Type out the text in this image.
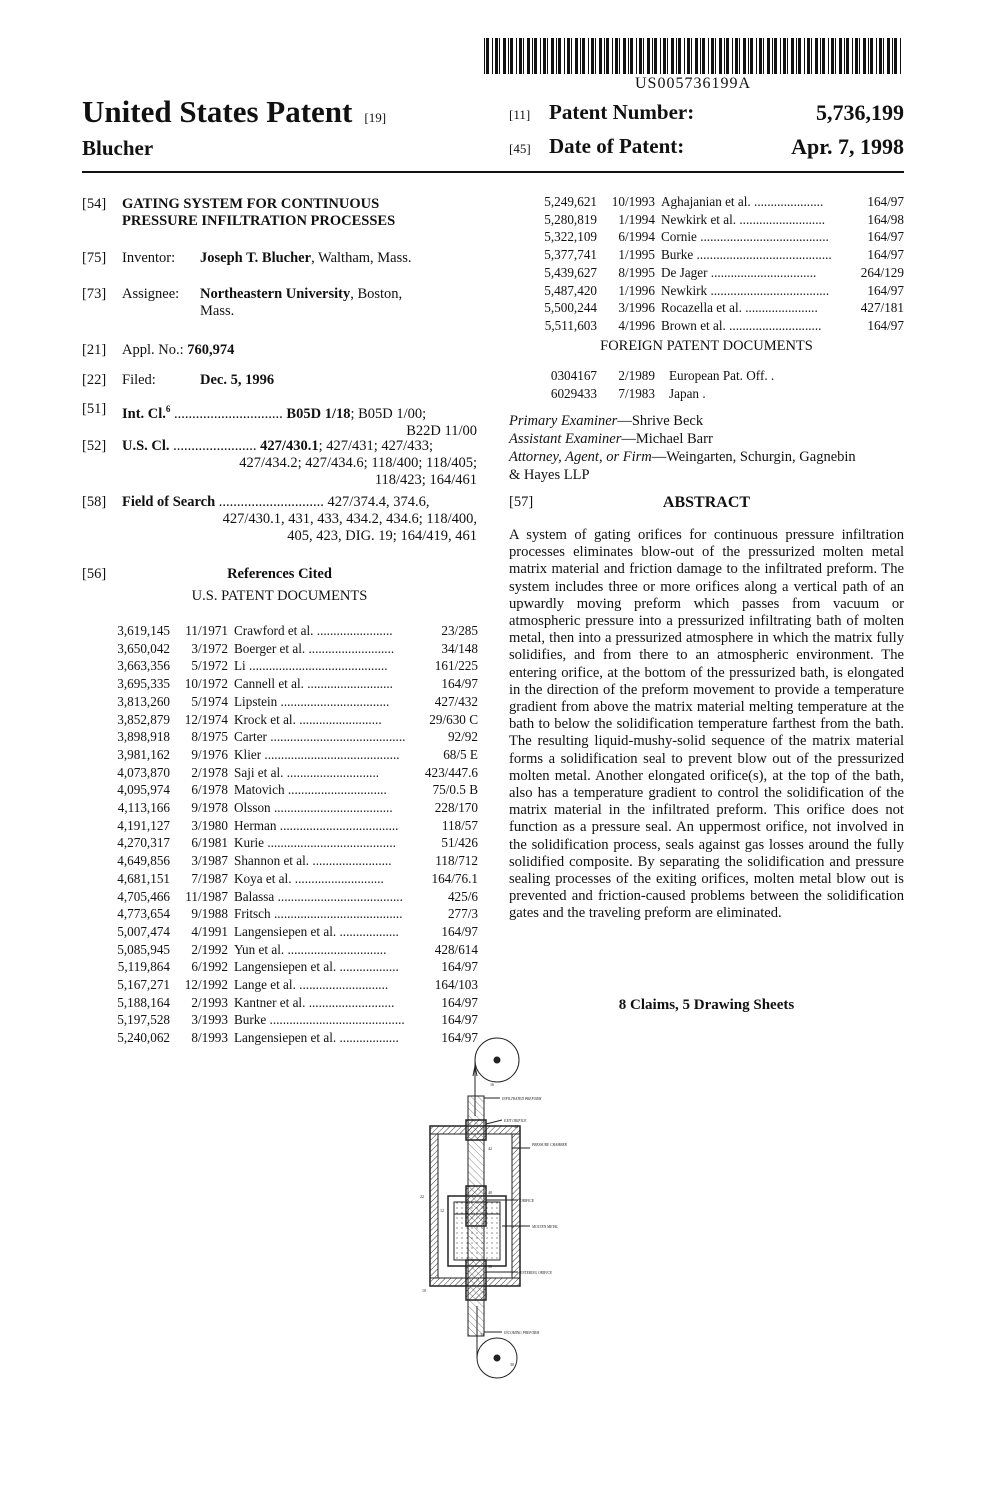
US005736199A
United States Patent [19]
Blucher
[11] Patent Number:	5,736,199
[45] Date of Patent:	Apr. 7, 1998
[54]	GATING SYSTEM FOR CONTINUOUS
PRESSURE INFILTRATION PROCESSES
[75]	Inventor: Joseph T. Blucher, Waltham, Mass.
[73]	Assignee: Northeastern University, Boston,
Mass.
[21]	Appl. No.: 760,974
[22]	Filed:	Dec. 5, 1996
[51]	Int. Cl.$^6$ .............................. B05D 1/18; B05D 1/00;
B22D 11/00
[52]	U.S. Cl. ....................... 427/430.1; 427/431; 427/433;
427/434.2; 427/434.6; 118/400; 118/405;
118/423; 164/461
[58]	Field of Search ............................. 427/374.4, 374.6,
427/430.1, 431, 433, 434.2, 434.6; 118/400,
405, 423, DIG. 19; 164/419, 461
[56]	References Cited
U.S. PATENT DOCUMENTS
3,619,145	11/1971 Crawford et al. .......................	23/285
3,650,042	3/1972 Boerger et al. ..........................	34/148
3,663,356	5/1972 Li ..........................................	161/225
3,695,335	10/1972 Cannell et al. ..........................	164/97
3,813,260	5/1974 Lipstein .................................	427/432
3,852,879	12/1974 Krock et al. .........................	29/630 C
3,898,918	8/1975 Carter .........................................	92/92
3,981,162	9/1976 Klier .........................................	68/5 E
4,073,870	2/1978 Saji et al. ............................	423/447.6
4,095,974	6/1978 Matovich ..............................	75/0.5 B
4,113,166	9/1978 Olsson ....................................	228/170
4,191,127	3/1980 Herman ....................................	118/57
4,270,317	6/1981 Kurie .......................................	51/426
4,649,856	3/1987 Shannon et al. ........................	118/712
4,681,151	7/1987 Koya et al. ...........................	164/76.1
4,705,466	11/1987 Balassa ......................................	425/6
4,773,654	9/1988 Fritsch .......................................	277/3
5,007,474	4/1991 Langensiepen et al. ..................	164/97
5,085,945	2/1992 Yun et al. ..............................	428/614
5,119,864	6/1992 Langensiepen et al. ..................	164/97
5,167,271	12/1992 Lange et al. ...........................	164/103
5,188,164	2/1993 Kantner et al. ..........................	164/97
5,197,528	3/1993 Burke .........................................	164/97
5,240,062	8/1993 Langensiepen et al. ..................	164/97
5,249,621	10/1993 Aghajanian et al. .....................	164/97
5,280,819	1/1994 Newkirk et al. ..........................	164/98
5,322,109	6/1994 Cornie .......................................	164/97
5,377,741	1/1995 Burke .........................................	164/97
5,439,627	8/1995 De Jager ................................	264/129
5,487,420	1/1996 Newkirk ....................................	164/97
5,500,244	3/1996 Rocazella et al. ......................	427/181
5,511,603	4/1996 Brown et al. ............................	164/97
FOREIGN PATENT DOCUMENTS
0304167	2/1989	European Pat. Off. .
6029433	7/1983	Japan .
Primary Examiner—Shrive Beck
Assistant Examiner—Michael Barr
Attorney, Agent, or Firm—Weingarten, Schurgin, Gagnebin
& Hayes LLP
[57]	ABSTRACT
A system of gating orifices for continuous pressure infiltration processes eliminates blow-out of the pressurized molten metal matrix material and friction damage to the infiltrated preform. The system includes three or more orifices along a vertical path of an upwardly moving preform which passes from vacuum or atmospheric pressure into a pressurized infiltrating bath of molten metal, then into a pressurized atmosphere in which the matrix fully solidifies, and from there to an atmospheric environment. The entering orifice, at the bottom of the pressurized bath, is elongated in the direction of the preform movement to provide a temperature gradient from above the matrix material melting temperature at the bath to below the solidification temperature farthest from the bath. The resulting liquid-mushy-solid sequence of the matrix material forms a solidification seal to prevent blow out of the pressurized molten metal. Another elongated orifice(s), at the top of the bath, also has a temperature gradient to control the solidification of the matrix material in the infiltrated preform. This orifice does not function as a pressure seal. An uppermost orifice, not involved in the solidification process, seals against gas losses around the fully solidified composite. By separating the solidification and pressure sealing processes of the exiting orifices, molten metal blow out is prevented and friction-caused problems between the solidification gates and the traveling preform are eliminated.
8 Claims, 5 Drawing Sheets
INFILTRATED PREFORM
EXIT ORIFICE
PRESSURE CHAMBER
ORIFICE
MOLTEN METAL
ENTERING ORIFICE
INCOMING PREFORM
44
42
40
30
12
36
32
22
10
16
